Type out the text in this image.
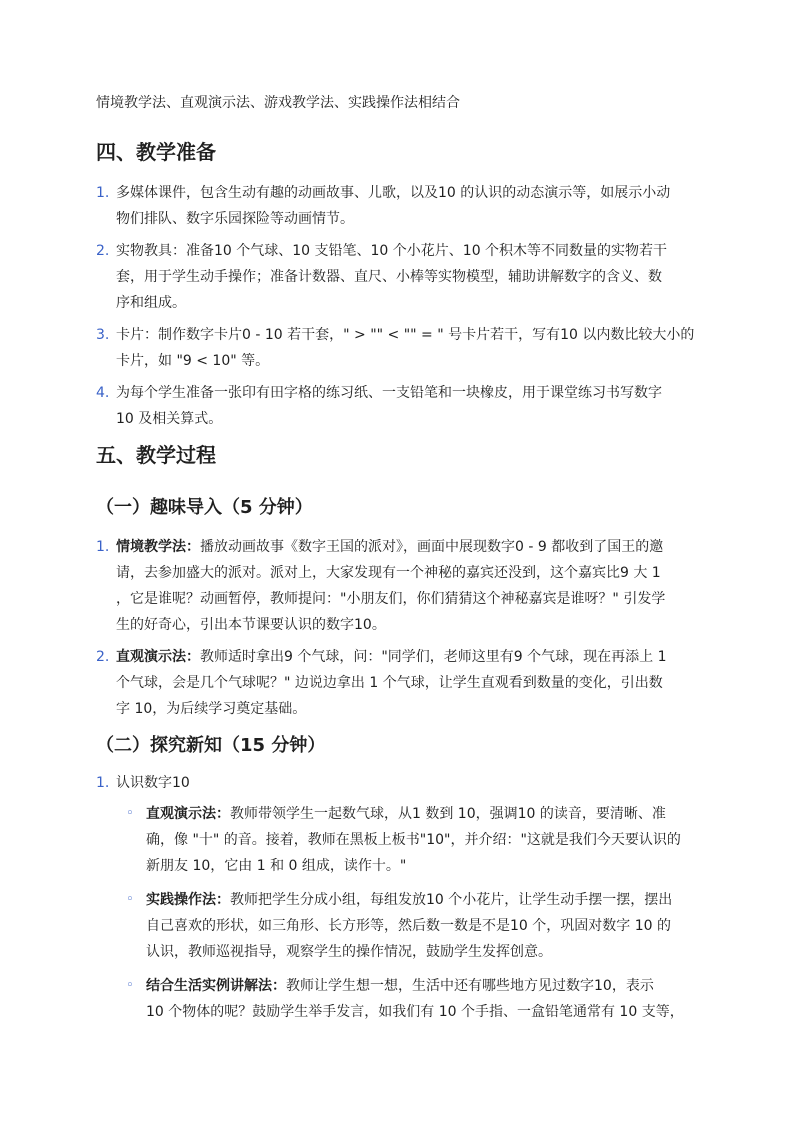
情境教学法、直观演示法、游戏教学法、实践操作法相结合
四、教学准备
1. 多媒体课件，包含生动有趣的动画故事、儿歌，以及10 的认识的动态演示等，如展示小动
物们排队、数字乐园探险等动画情节。
2. 实物教具：准备10 个气球、10 支铅笔、10 个小花片、10 个积木等不同数量的实物若干
套，用于学生动手操作；准备计数器、直尺、小棒等实物模型，辅助讲解数字的含义、数
序和组成。
3. 卡片：制作数字卡片0 - 10 若干套，" > "" < "" = " 号卡片若干，写有10 以内数比较大小的
卡片，如 "9 < 10" 等。
4. 为每个学生准备一张印有田字格的练习纸、一支铅笔和一块橡皮，用于课堂练习书写数字
10 及相关算式。
五、教学过程
（一）趣味导入（5 分钟）
1. 情境教学法：播放动画故事《数字王国的派对》，画面中展现数字0 - 9 都收到了国王的邀
请，去参加盛大的派对。派对上，大家发现有一个神秘的嘉宾还没到，这个嘉宾比9 大 1
，它是谁呢？动画暂停，教师提问："小朋友们，你们猜猜这个神秘嘉宾是谁呀？" 引发学
生的好奇心，引出本节课要认识的数字10。
2. 直观演示法：教师适时拿出9 个气球，问："同学们，老师这里有9 个气球，现在再添上 1
个气球，会是几个气球呢？" 边说边拿出 1 个气球，让学生直观看到数量的变化，引出数
字 10，为后续学习奠定基础。
（二）探究新知（15 分钟）
1. 认识数字10
◦ 直观演示法：教师带领学生一起数气球，从1 数到 10，强调10 的读音，要清晰、准
确，像 "十" 的音。接着，教师在黑板上板书"10"，并介绍："这就是我们今天要认识的
新朋友 10，它由 1 和 0 组成，读作十。"
◦ 实践操作法：教师把学生分成小组，每组发放10 个小花片，让学生动手摆一摆，摆出
自己喜欢的形状，如三角形、长方形等，然后数一数是不是10 个，巩固对数字 10 的
认识，教师巡视指导，观察学生的操作情况，鼓励学生发挥创意。
◦ 结合生活实例讲解法：教师让学生想一想，生活中还有哪些地方见过数字10，表示
10 个物体的呢？鼓励学生举手发言，如我们有 10 个手指、一盒铅笔通常有 10 支等，
